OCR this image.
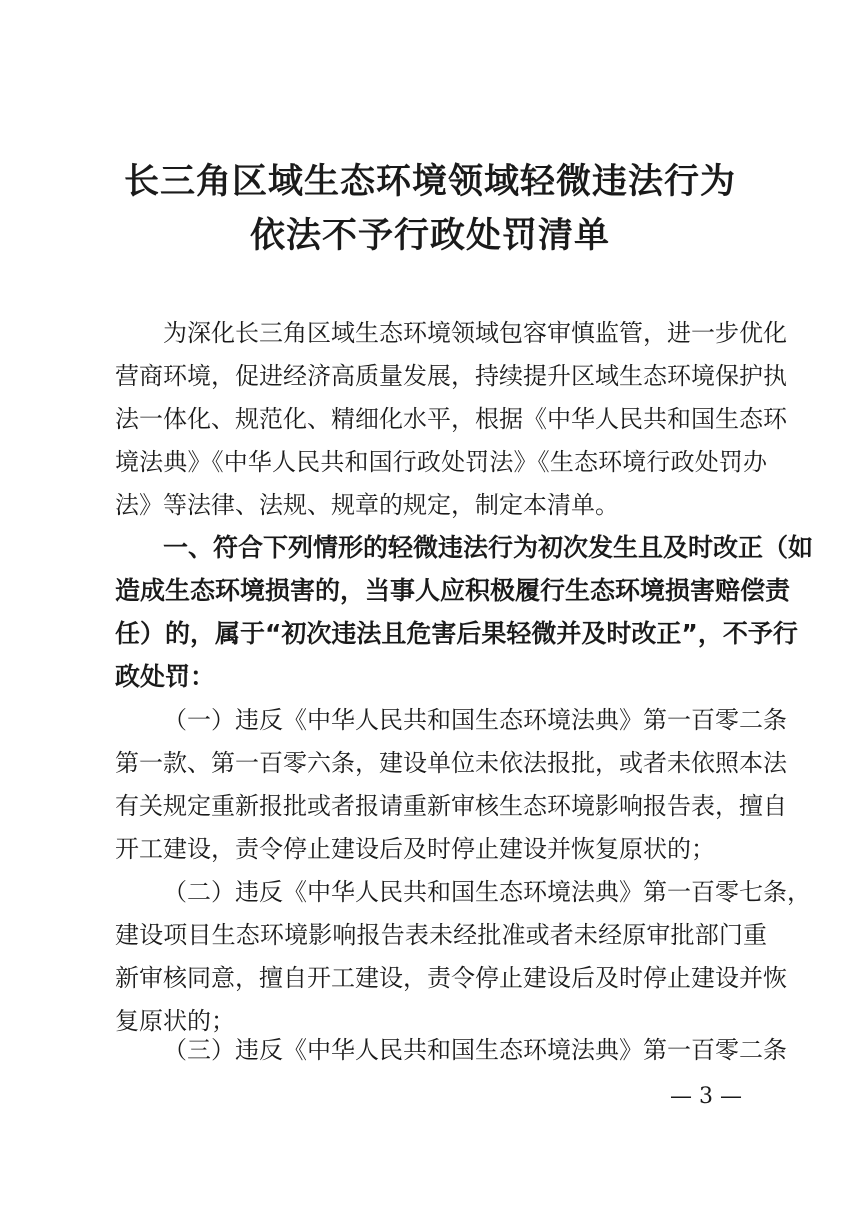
长三角区域生态环境领域轻微违法行为
依法不予行政处罚清单
为深化长三角区域生态环境领域包容审慎监管，进一步优化
营商环境，促进经济高质量发展，持续提升区域生态环境保护执
法一体化、规范化、精细化水平，根据《中华人民共和国生态环
境法典》《中华人民共和国行政处罚法》《生态环境行政处罚办
法》等法律、法规、规章的规定，制定本清单。
一、符合下列情形的轻微违法行为初次发生且及时改正（如
造成生态环境损害的，当事人应积极履行生态环境损害赔偿责
任）的，属于“初次违法且危害后果轻微并及时改正”，不予行
政处罚：
（一）违反《中华人民共和国生态环境法典》第一百零二条
第一款、第一百零六条，建设单位未依法报批，或者未依照本法
有关规定重新报批或者报请重新审核生态环境影响报告表，擅自
开工建设，责令停止建设后及时停止建设并恢复原状的；
（二）违反《中华人民共和国生态环境法典》第一百零七条，
建设项目生态环境影响报告表未经批准或者未经原审批部门重
新审核同意，擅自开工建设，责令停止建设后及时停止建设并恢
复原状的；
（三）违反《中华人民共和国生态环境法典》第一百零二条
— 3 —
